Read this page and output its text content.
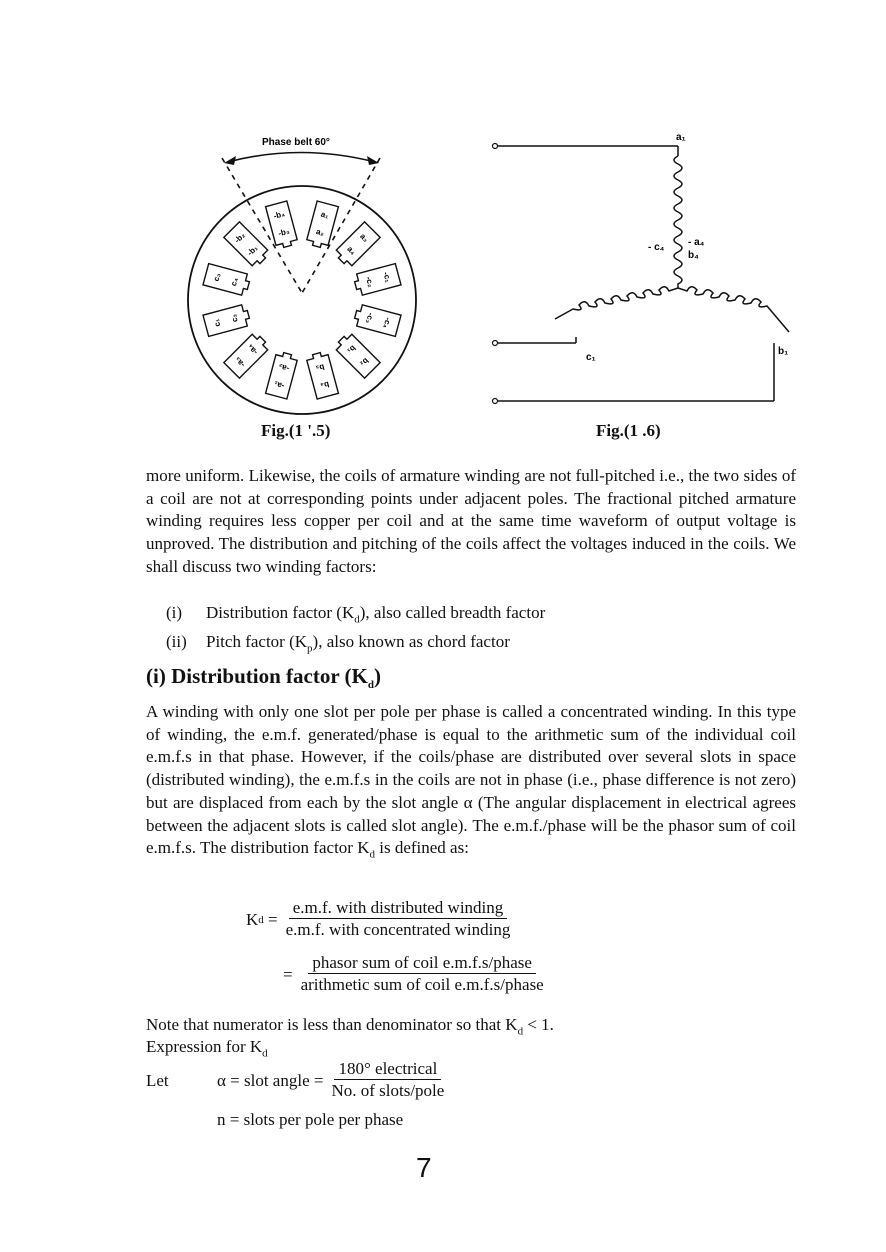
Phase belt 60°
a₁
a₂	a₃
a₄
-c₁
-c₂
-c₄
-c₃
b₂
b₁
b₄
b₃
-a₁
-a₂
-a₃
-a₄
c₁ c₂
c₃ c₄
-b₂
-b₁
-b₄
-b₃
Fig.(1 '.5)
a₁
- a₄
- c₄
b₄
c₁
b₁
Fig.(1 .6)
more uniform. Likewise, the coils of armature winding are not full-pitched i.e., the two sides of a coil are not at corresponding points under adjacent poles. The fractional pitched armature winding requires less copper per coil and at the same time waveform of output voltage is unproved. The distribution and pitching of the coils affect the voltages induced in the coils. We shall discuss two winding factors:
(i) Distribution factor $(K_d)$, also called breadth factor
(ii) Pitch factor $(K_p)$, also known as chord factor
(i) Distribution factor $(K_d)$
A winding with only one slot per pole per phase is called a concentrated winding. In this type of winding, the e.m.f. generated/phase is equal to the arithmetic sum of the individual coil e.m.f.s in that phase. However, if the coils/phase are distributed over several slots in space (distributed winding), the e.m.f.s in the coils are not in phase (i.e., phase difference is not zero) but are displaced from each by the slot angle α (The angular displacement in electrical agrees between the adjacent slots is called slot angle). The e.m.f./phase will be the phasor sum of coil e.m.f.s. The distribution factor $K_d$ is defined as:
K d =
e.m.f. with distributed winding
e.m.f. with concentrated winding
=
phasor sum of coil e.m.f.s/phase
arithmetic sum of coil e.m.f.s/phase
Note that numerator is less than denominator so that $K_d < 1$.
Expression for $K_d$
Let	α = slot angle =
180° electrical
No. of slots/pole
n = slots per pole per phase
7
